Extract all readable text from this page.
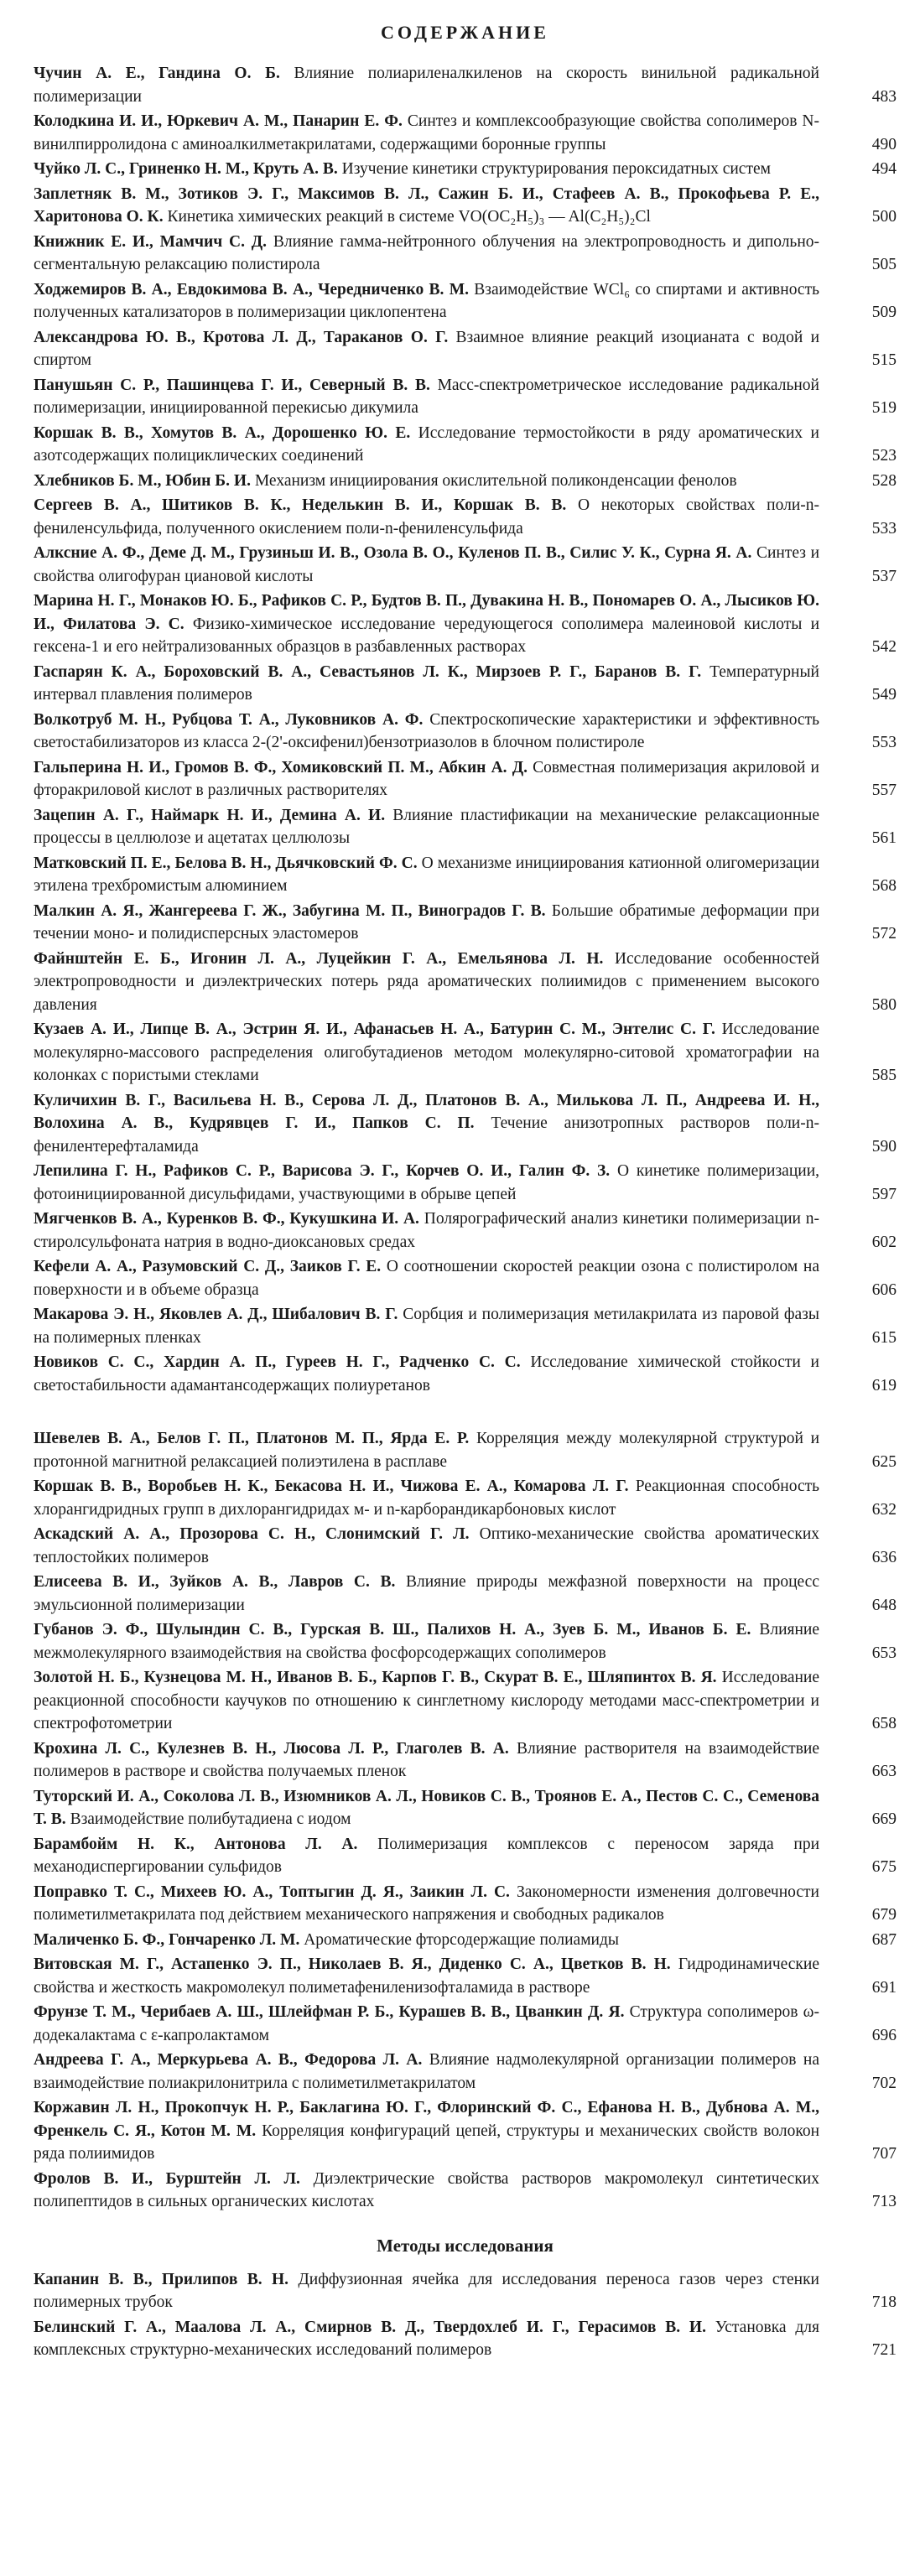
СОДЕРЖАНИЕ
Чучин А. Е., Гандина О. Б. Влияние полиариленалкиленов на скорость винильной радикальной полимеризации	483
Колодкина И. И., Юркевич А. М., Панарин Е. Ф. Синтез и комплексообразующие свойства сополимеров N-винилпирролидона с аминоалкилметакрилатами, содержащими боронные группы	490
Чуйко Л. С., Гриненко Н. М., Круть А. В. Изучение кинетики структурирования пероксидатных систем	494
Заплетняк В. М., Зотиков Э. Г., Максимов В. Л., Сажин Б. И., Стафеев А. В., Прокофьева Р. Е., Харитонова О. К. Кинетика химических реакций в системе VO(OC₂H₅)₃ — Al(C₂H₅)₂Cl	500
Книжник Е. И., Мамчич С. Д. Влияние гамма-нейтронного облучения на электропроводность и дипольно-сегментальную релаксацию полистирола	505
Ходжемиров В. А., Евдокимова В. А., Чередниченко В. М. Взаимодействие WCl₆ со спиртами и активность полученных катализаторов в полимеризации циклопентена	509
Александрова Ю. В., Кротова Л. Д., Тараканов О. Г. Взаимное влияние реакций изоцианата с водой и спиртом	515
Панушьян С. Р., Пашинцева Г. И., Северный В. В. Масс-спектрометрическое исследование радикальной полимеризации, инициированной перекисью дикумила	519
Коршак В. В., Хомутов В. А., Дорошенко Ю. Е. Исследование термостойкости в ряду ароматических и азотсодержащих полициклических соединений	523
Хлебников Б. М., Юбин Б. И. Механизм инициирования окислительной поликонденсации фенолов	528
Сергеев В. А., Шитиков В. К., Неделькин В. И., Коршак В. В. О некоторых свойствах поли-n-фениленсульфида, полученного окислением поли-n-фениленсульфида	533
Алксние А. Ф., Деме Д. М., Грузиньш И. В., Озола В. О., Куленов П. В., Силис У. К., Сурна Я. А. Синтез и свойства олигофуран циановой кислоты	537
Марина Н. Г., Монаков Ю. Б., Рафиков С. Р., Будтов В. П., Дувакина Н. В., Пономарев О. А., Лысиков Ю. И., Филатова Э. С. Физико-химическое исследование чередующегося сополимера малеиновой кислоты и гексена-1 и его нейтрализованных образцов в разбавленных растворах	542
Гаспарян К. А., Бороховский В. А., Севастьянов Л. К., Мирзоев Р. Г., Баранов В. Г. Температурный интервал плавления полимеров	549
Волкотруб М. Н., Рубцова Т. А., Луковников А. Ф. Спектроскопические характеристики и эффективность светостабилизаторов из класса 2-(2'-оксифенил)бензотриазолов в блочном полистироле	553
Гальперина Н. И., Громов В. Ф., Хомиковский П. М., Абкин А. Д. Совместная полимеризация акриловой и фторакриловой кислот в различных растворителях	557
Зацепин А. Г., Наймарк Н. И., Демина А. И. Влияние пластификации на механические релаксационные процессы в целлюлозе и ацетатах целлюлозы	561
Матковский П. Е., Белова В. Н., Дьячковский Ф. С. О механизме инициирования катионной олигомеризации этилена трехбромистым алюминием	568
Малкин А. Я., Жангереева Г. Ж., Забугина М. П., Виноградов Г. В. Большие обратимые деформации при течении моно- и полидисперсных эластомеров	572
Файнштейн Е. Б., Игонин Л. А., Луцейкин Г. А., Емельянова Л. Н. Исследование особенностей электропроводности и диэлектрических потерь ряда ароматических полиимидов с применением высокого давления	580
Кузаев А. И., Липце В. А., Эстрин Я. И., Афанасьев Н. А., Батурин С. М., Энтелис С. Г. Исследование молекулярно-массового распределения олигобутадиенов методом молекулярно-ситовой хроматографии на колонках с пористыми стеклами	585
Куличихин В. Г., Васильева Н. В., Серова Л. Д., Платонов В. А., Милькова Л. П., Андреева И. Н., Волохина А. В., Кудрявцев Г. И., Папков С. П. Течение анизотропных растворов поли-n-фенилентерефталамида	590
Лепилина Г. Н., Рафиков С. Р., Варисова Э. Г., Корчев О. И., Галин Ф. З. О кинетике полимеризации, фотоинициированной дисульфидами, участвующими в обрыве цепей	597
Мягченков В. А., Куренков В. Ф., Кукушкина И. А. Полярографический анализ кинетики полимеризации n-стиролсульфоната натрия в водно-диоксановых средах	602
Кефели А. А., Разумовский С. Д., Заиков Г. Е. О соотношении скоростей реакции озона с полистиролом на поверхности и в объеме образца	606
Макарова Э. Н., Яковлев А. Д., Шибалович В. Г. Сорбция и полимеризация метилакрилата из паровой фазы на полимерных пленках	615
Новиков С. С., Хардин А. П., Гуреев Н. Г., Радченко С. С. Исследование химической стойкости и светостабильности адамантансодержащих полиуретанов	619
Шевелев В. А., Белов Г. П., Платонов М. П., Ярда Е. Р. Корреляция между молекулярной структурой и протонной магнитной релаксацией полиэтилена в расплаве	625
Коршак В. В., Воробьев Н. К., Бекасова Н. И., Чижова Е. А., Комарова Л. Г. Реакционная способность хлорангидридных групп в дихлорангидридах м- и n-карборандикарбоновых кислот	632
Аскадский А. А., Прозорова С. Н., Слонимский Г. Л. Оптико-механические свойства ароматических теплостойких полимеров	636
Елисеева В. И., Зуйков А. В., Лавров С. В. Влияние природы межфазной поверхности на процесс эмульсионной полимеризации	648
Губанов Э. Ф., Шулындин С. В., Гурская В. Ш., Палихов Н. А., Зуев Б. М., Иванов Б. Е. Влияние межмолекулярного взаимодействия на свойства фосфорсодержащих сополимеров	653
Золотой Н. Б., Кузнецова М. Н., Иванов В. Б., Карпов Г. В., Скурат В. Е., Шляпинтох В. Я. Исследование реакционной способности каучуков по отношению к синглетному кислороду методами масс-спектрометрии и спектрофотометрии	658
Крохина Л. С., Кулезнев В. Н., Люсова Л. Р., Глаголев В. А. Влияние растворителя на взаимодействие полимеров в растворе и свойства получаемых пленок	663
Туторский И. А., Соколова Л. В., Изюмников А. Л., Новиков С. В., Троянов Е. А., Пестов С. С., Семенова Т. В. Взаимодействие полибутадиена с иодом	669
Барамбойм Н. К., Антонова Л. А. Полимеризация комплексов с переносом заряда при механодиспергировании сульфидов	675
Поправко Т. С., Михеев Ю. А., Топтыгин Д. Я., Заикин Л. С. Закономерности изменения долговечности полиметилметакрилата под действием механического напряжения и свободных радикалов	679
Маличенко Б. Ф., Гончаренко Л. М. Ароматические фторсодержащие полиамиды	687
Витовская М. Г., Астапенко Э. П., Николаев В. Я., Диденко С. А., Цветков В. Н. Гидродинамические свойства и жесткость макромолекул полиметафениленизофталамида в растворе	691
Фрунзе Т. М., Черибаев А. Ш., Шлейфман Р. Б., Курашев В. В., Цванкин Д. Я. Структура сополимеров ω-додекалактама с ε-капролактамом	696
Андреева Г. А., Меркурьева А. В., Федорова Л. А. Влияние надмолекулярной организации полимеров на взаимодействие полиакрилонитрила с полиметилметакрилатом	702
Коржавин Л. Н., Прокопчук Н. Р., Баклагина Ю. Г., Флоринский Ф. С., Ефанова Н. В., Дубнова А. М., Френкель С. Я., Котон М. М. Корреляция конфигураций цепей, структуры и механических свойств волокон ряда полиимидов	707
Фролов В. И., Бурштейн Л. Л. Диэлектрические свойства растворов макромолекул синтетических полипептидов в сильных органических кислотах	713
Методы исследования
Капанин В. В., Прилипов В. Н. Диффузионная ячейка для исследования переноса газов через стенки полимерных трубок	718
Белинский Г. А., Маалова Л. А., Смирнов В. Д., Твердохлеб И. Г., Герасимов В. И. Установка для комплексных структурно-механических исследований полимеров	721
